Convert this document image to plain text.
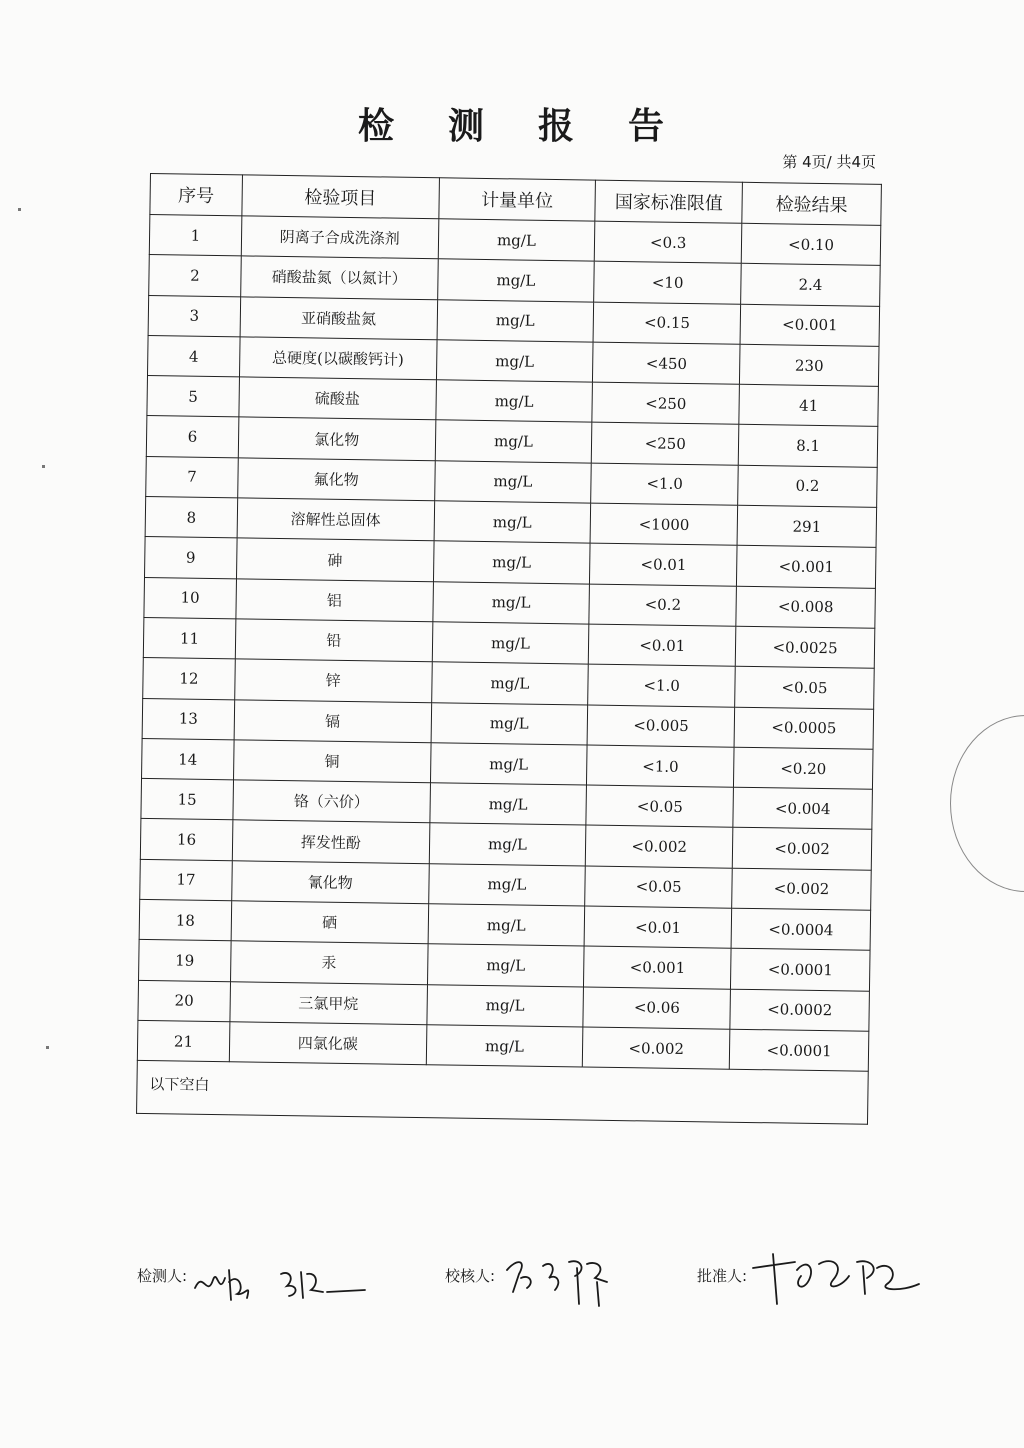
检 测 报 告
第 4页/ 共4页
序号	检验项目	计量单位	国家标准限值	检验结果
1	阴离子合成洗涤剂	mg/L	<0.3	<0.10
2	硝酸盐氮（以氮计）	mg/L	<10	2.4
3	亚硝酸盐氮	mg/L	<0.15	<0.001
4	总硬度(以碳酸钙计)	mg/L	<450	230
5	硫酸盐	mg/L	<250	41
6	氯化物	mg/L	<250	8.1
7	氟化物	mg/L	<1.0	0.2
8	溶解性总固体	mg/L	<1000	291
9	砷	mg/L	<0.01	<0.001
10	铝	mg/L	<0.2	<0.008
11	铅	mg/L	<0.01	<0.0025
12	锌	mg/L	<1.0	<0.05
13	镉	mg/L	<0.005	<0.0005
14	铜	mg/L	<1.0	<0.20
15	铬（六价）	mg/L	<0.05	<0.004
16	挥发性酚	mg/L	<0.002	<0.002
17	氰化物	mg/L	<0.05	<0.002
18	硒	mg/L	<0.01	<0.0004
19	汞	mg/L	<0.001	<0.0001
20	三氯甲烷	mg/L	<0.06	<0.0002
21	四氯化碳	mg/L	<0.002	<0.0001
以下空白				
检测人:	校核人:	批准人:
